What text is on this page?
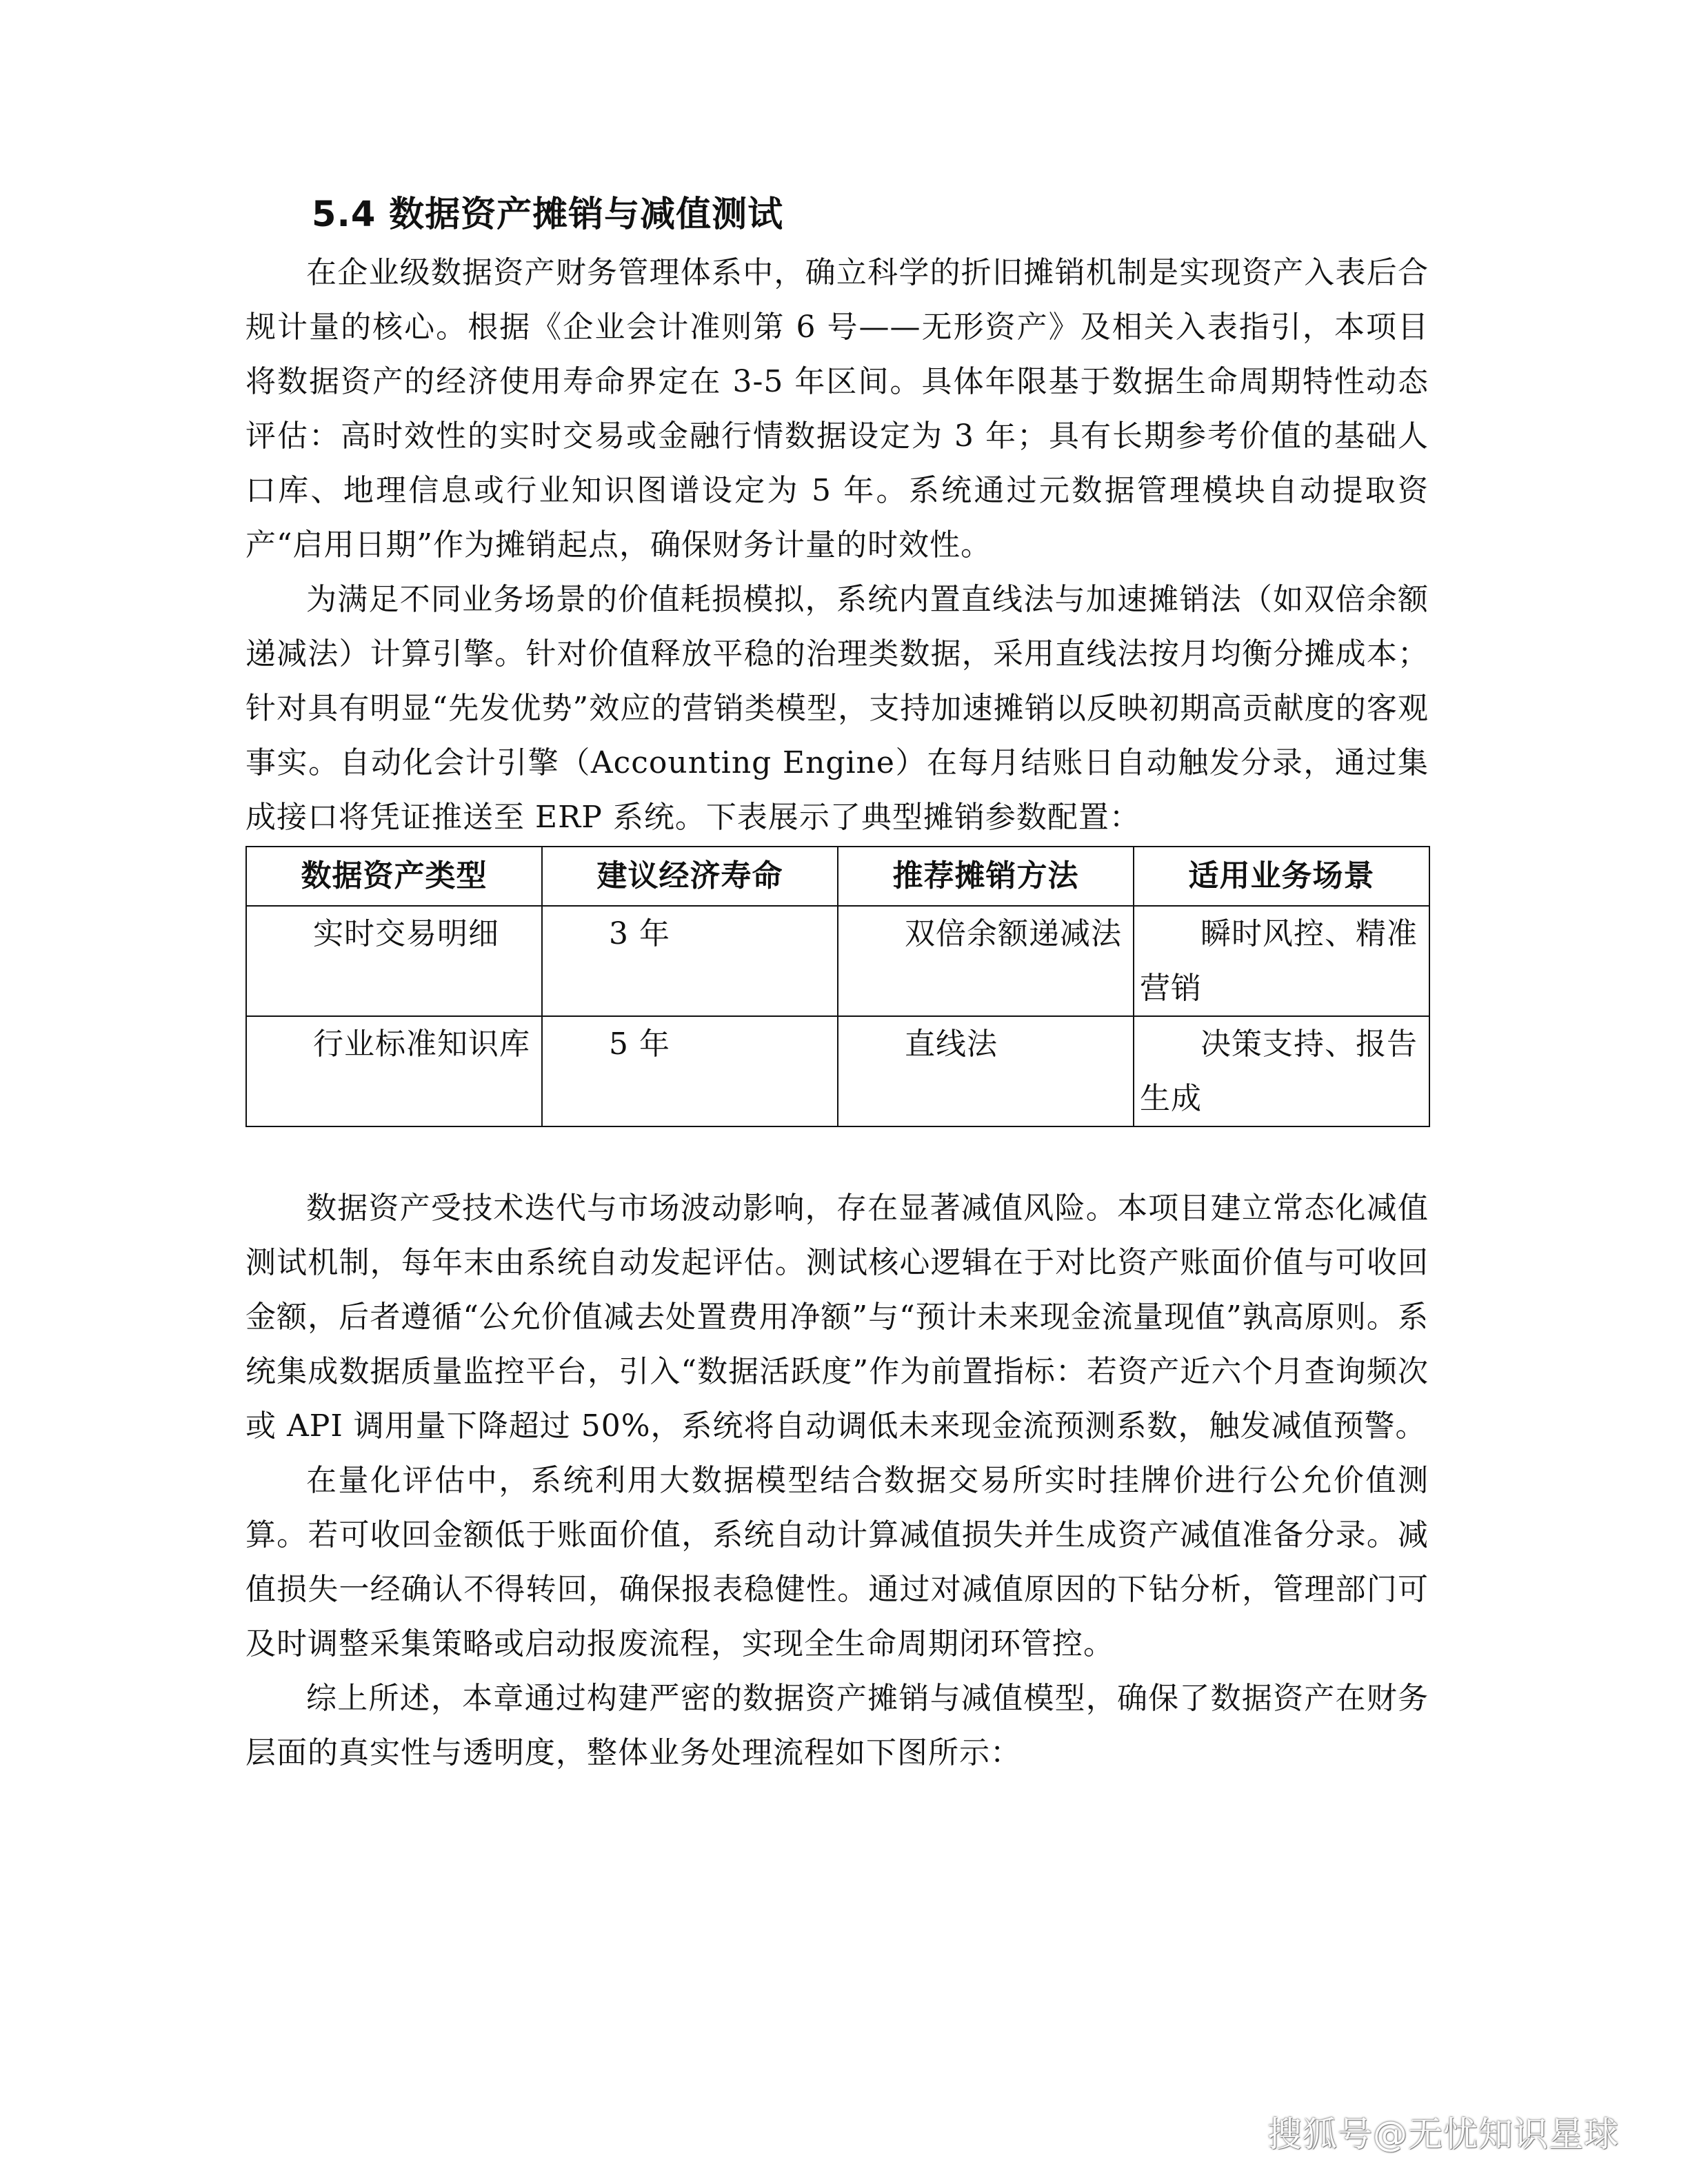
5.4 数据资产摊销与减值测试

在企业级数据资产财务管理体系中，确立科学的折旧摊销机制是实现资产入表后合规计量的核心。根据《企业会计准则第 6 号——无形资产》及相关入表指引，本项目将数据资产的经济使用寿命界定在 3-5 年区间。具体年限基于数据生命周期特性动态评估：高时效性的实时交易或金融行情数据设定为 3 年；具有长期参考价值的基础人口库、地理信息或行业知识图谱设定为 5 年。系统通过元数据管理模块自动提取资产“启用日期”作为摊销起点，确保财务计量的时效性。

为满足不同业务场景的价值耗损模拟，系统内置直线法与加速摊销法（如双倍余额递减法）计算引擎。针对价值释放平稳的治理类数据，采用直线法按月均衡分摊成本；针对具有明显“先发优势”效应的营销类模型，支持加速摊销以反映初期高贡献度的客观事实。自动化会计引擎（Accounting Engine）在每月结账日自动触发分录，通过集成接口将凭证推送至 ERP 系统。下表展示了典型摊销参数配置：

数据资产类型	建议经济寿命	推荐摊销方法	适用业务场景
实时交易明细	3 年	双倍余额递减法	瞬时风控、精准营销
行业标准知识库	5 年	直线法	决策支持、报告生成

数据资产受技术迭代与市场波动影响，存在显著减值风险。本项目建立常态化减值测试机制，每年末由系统自动发起评估。测试核心逻辑在于对比资产账面价值与可收回金额，后者遵循“公允价值减去处置费用净额”与“预计未来现金流量现值”孰高原则。系统集成数据质量监控平台，引入“数据活跃度”作为前置指标：若资产近六个月查询频次或 API 调用量下降超过 50%，系统将自动调低未来现金流预测系数，触发减值预警。

在量化评估中，系统利用大数据模型结合数据交易所实时挂牌价进行公允价值测算。若可收回金额低于账面价值，系统自动计算减值损失并生成资产减值准备分录。减值损失一经确认不得转回，确保报表稳健性。通过对减值原因的下钻分析，管理部门可及时调整采集策略或启动报废流程，实现全生命周期闭环管控。

综上所述，本章通过构建严密的数据资产摊销与减值模型，确保了数据资产在财务层面的真实性与透明度，整体业务处理流程如下图所示：

搜狐号@无忧知识星球
